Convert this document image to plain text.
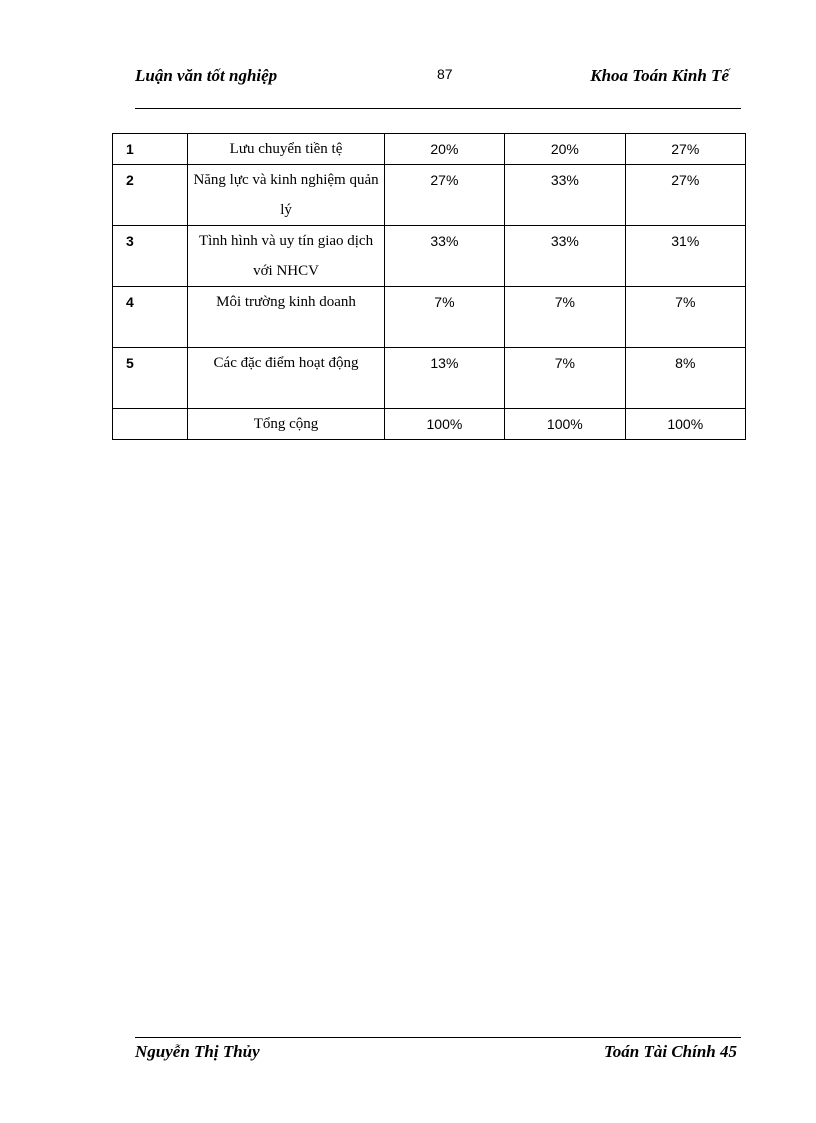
Luận văn tốt nghiệp	87	Khoa Toán Kinh Tế
1	Lưu chuyển tiền tệ	20%	20%	27%
2	Năng lực và kinh nghiệm quản lý	27%	33%	27%
3	Tình hình và uy tín giao dịch với NHCV	33%	33%	31%
4	Môi trường kinh doanh	7%	7%	7%
5	Các đặc điểm hoạt động	13%	7%	8%
	Tổng cộng	100%	100%	100%
Nguyễn Thị Thủy	Toán Tài Chính 45
